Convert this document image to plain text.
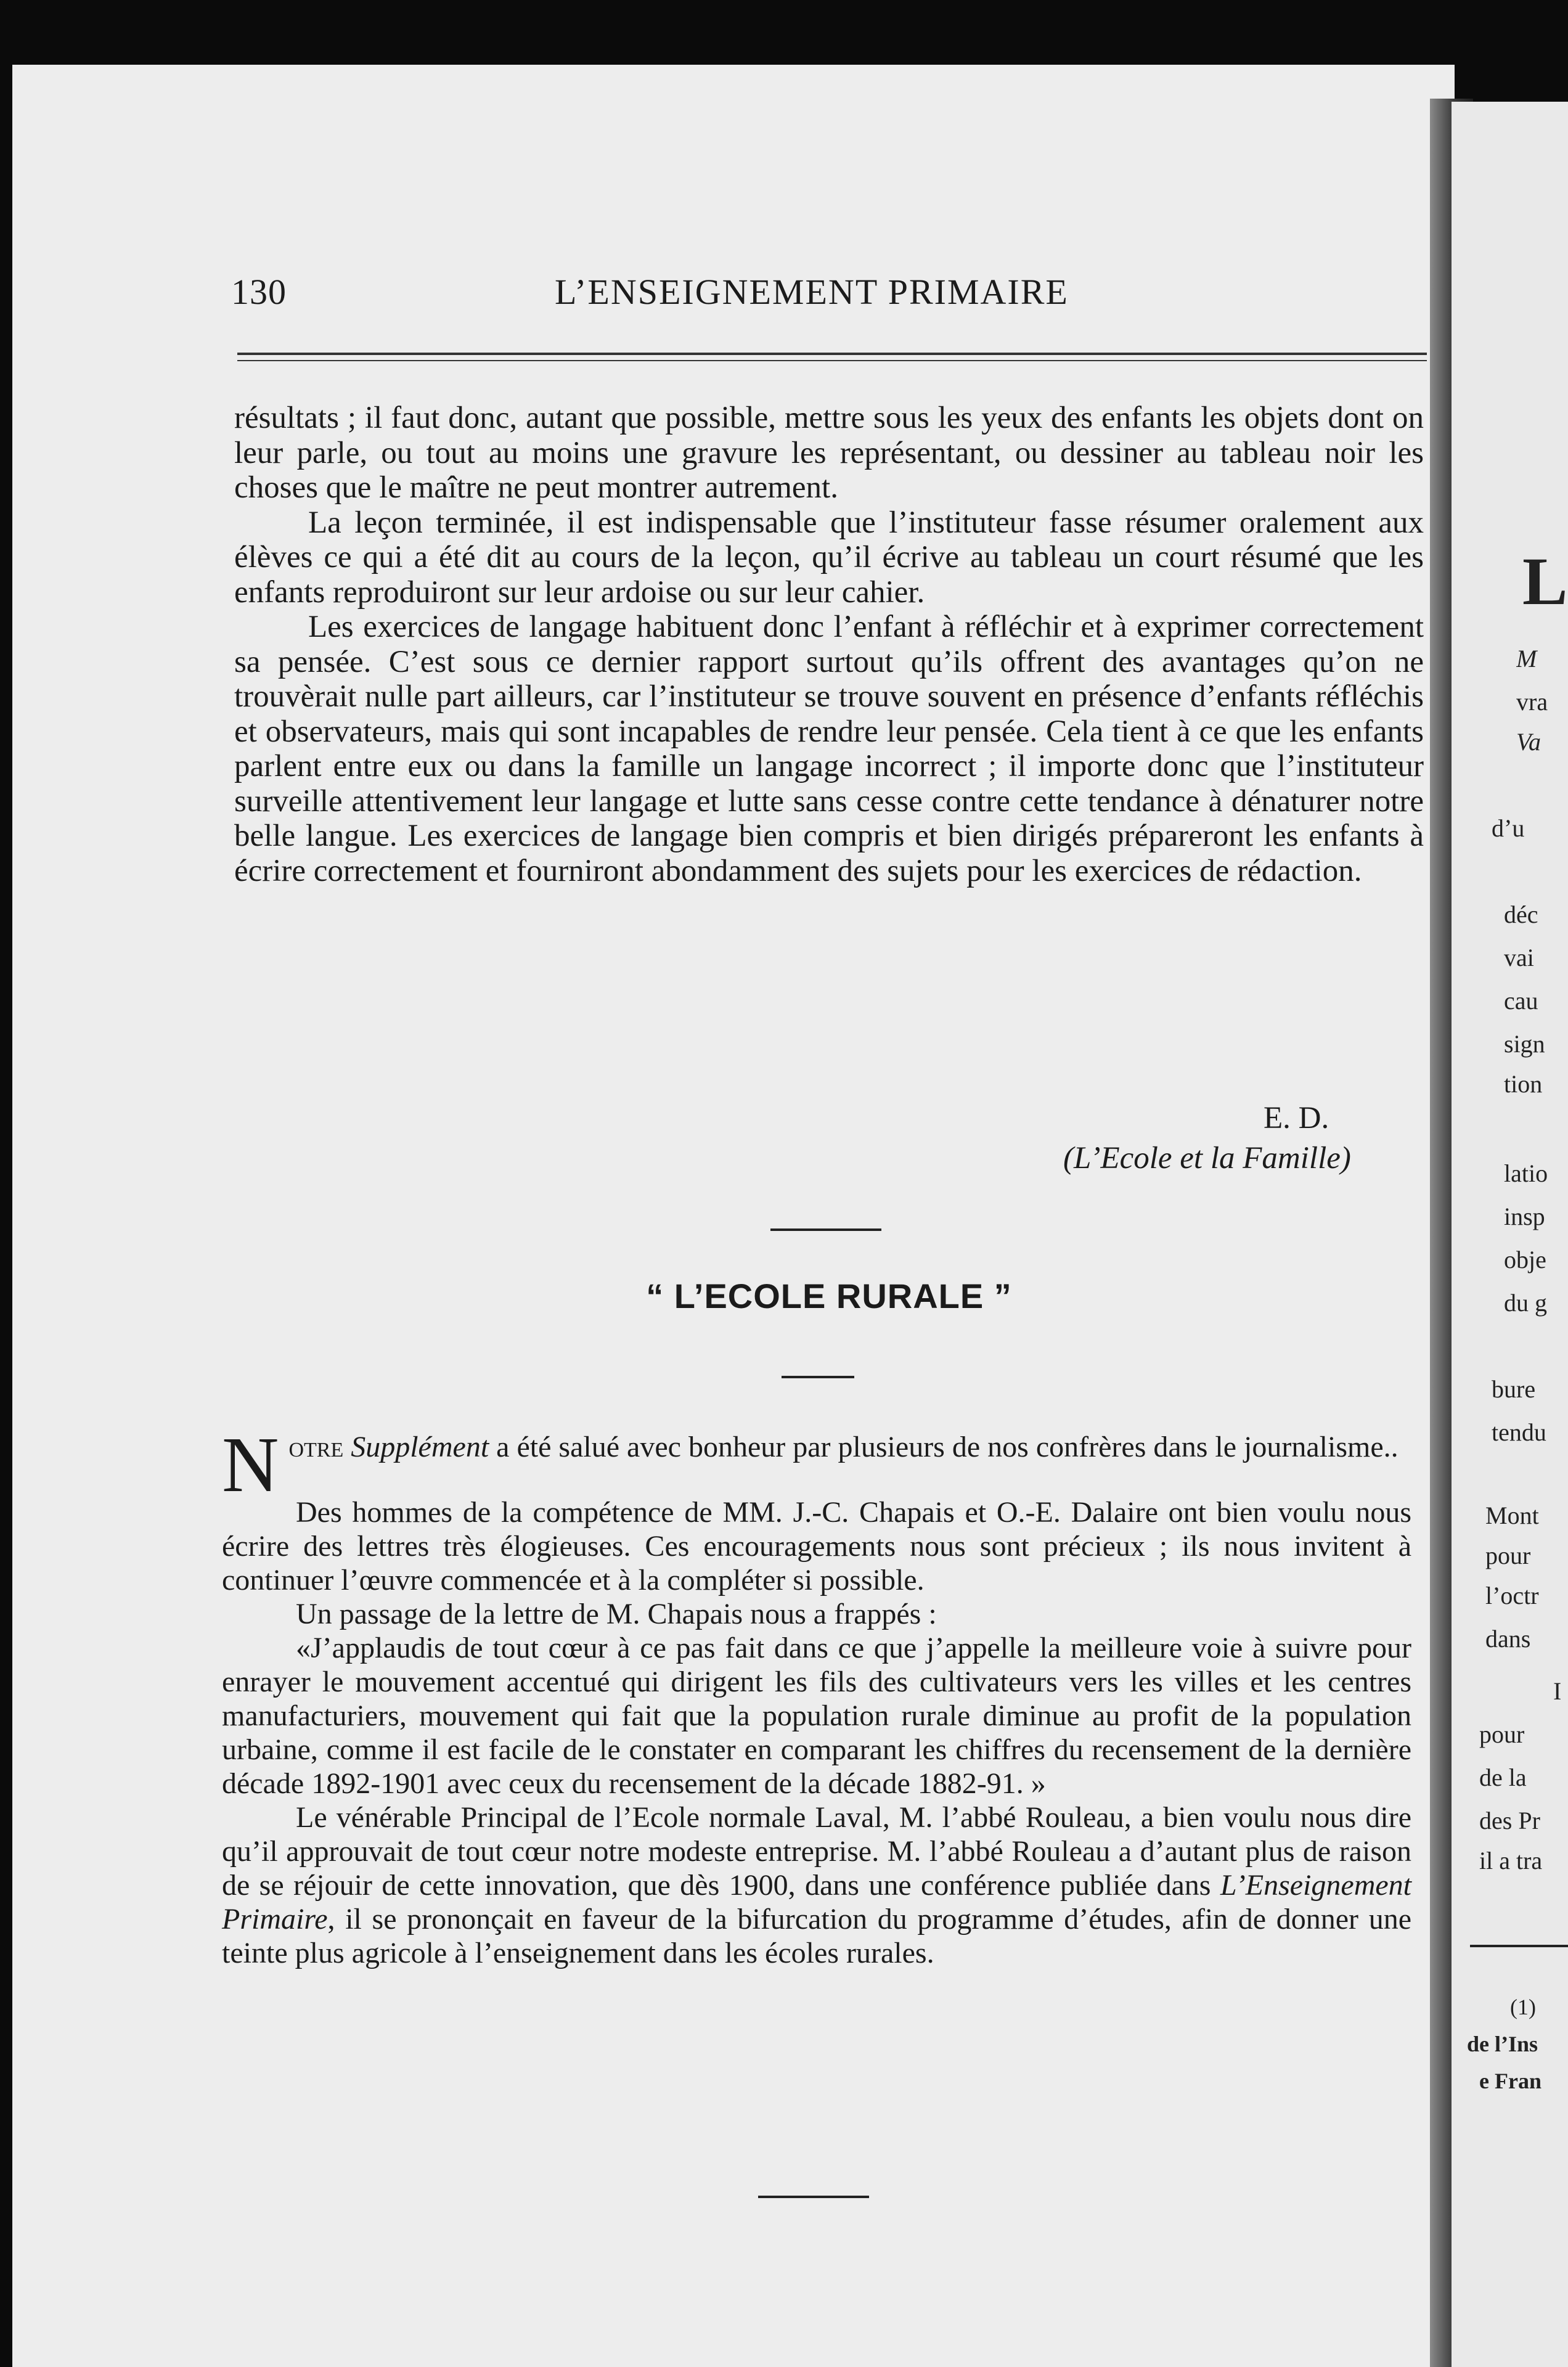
130	L’ENSEIGNEMENT PRIMAIRE

résultats ; il faut donc, autant que possible, mettre sous les yeux des enfants les objets dont on leur parle, ou tout au moins une gravure les représentant, ou dessiner au tableau noir les choses que le maître ne peut montrer autrement.

La leçon terminée, il est indispensable que l’instituteur fasse résumer oralement aux élèves ce qui a été dit au cours de la leçon, qu’il écrive au tableau un court résumé que les enfants reproduiront sur leur ardoise ou sur leur cahier.

Les exercices de langage habituent donc l’enfant à réfléchir et à exprimer correctement sa pensée. C’est sous ce dernier rapport surtout qu’ils offrent des avantages qu’on ne trouvèrait nulle part ailleurs, car l’instituteur se trouve souvent en présence d’enfants réfléchis et observateurs, mais qui sont incapables de rendre leur pensée. Cela tient à ce que les enfants parlent entre eux ou dans la famille un langage incorrect ; il importe donc que l’instituteur surveille attentivement leur langage et lutte sans cesse contre cette tendance à dénaturer notre belle langue. Les exercices de langage bien compris et bien dirigés prépareront les enfants à écrire correctement et fourniront abondamment des sujets pour les exercices de rédaction.

E. D.
(L’Ecole et la Famille)
“ L’ECOLE RURALE ”

Notre Supplément a été salué avec bonheur par plusieurs de nos confrères dans le journalisme..

Des hommes de la compétence de MM. J.-C. Chapais et O.-E. Dalaire ont bien voulu nous écrire des lettres très élogieuses. Ces encouragements nous sont précieux ; ils nous invitent à continuer l’œuvre commencée et à la compléter si possible.

Un passage de la lettre de M. Chapais nous a frappés :

«J’applaudis de tout cœur à ce pas fait dans ce que j’appelle la meilleure voie à suivre pour enrayer le mouvement accentué qui dirigent les fils des cultivateurs vers les villes et les centres manufacturiers, mouvement qui fait que la population rurale diminue au profit de la population urbaine, comme il est facile de le constater en comparant les chiffres du recensement de la dernière décade 1892-1901 avec ceux du recensement de la décade 1882-91. »

Le vénérable Principal de l’Ecole normale Laval, M. l’abbé Rouleau, a bien voulu nous dire qu’il approuvait de tout cœur notre modeste entreprise. M. l’abbé Rouleau a d’autant plus de raison de se réjouir de cette innovation, que dès 1900, dans une conférence publiée dans L’Enseignement Primaire, il se prononçait en faveur de la bifurcation du programme d’études, afin de donner une teinte plus agricole à l’enseignement dans les écoles rurales.

L
M
vra
Va
d’u
déc
vai
cau
sign
tion
latio
insp
obje
du g
bure
tendu
Mont
pour
l’octr
dans
I
pour
de la
des Pr
il a tra
(1)
de l’Ins
e Fran
